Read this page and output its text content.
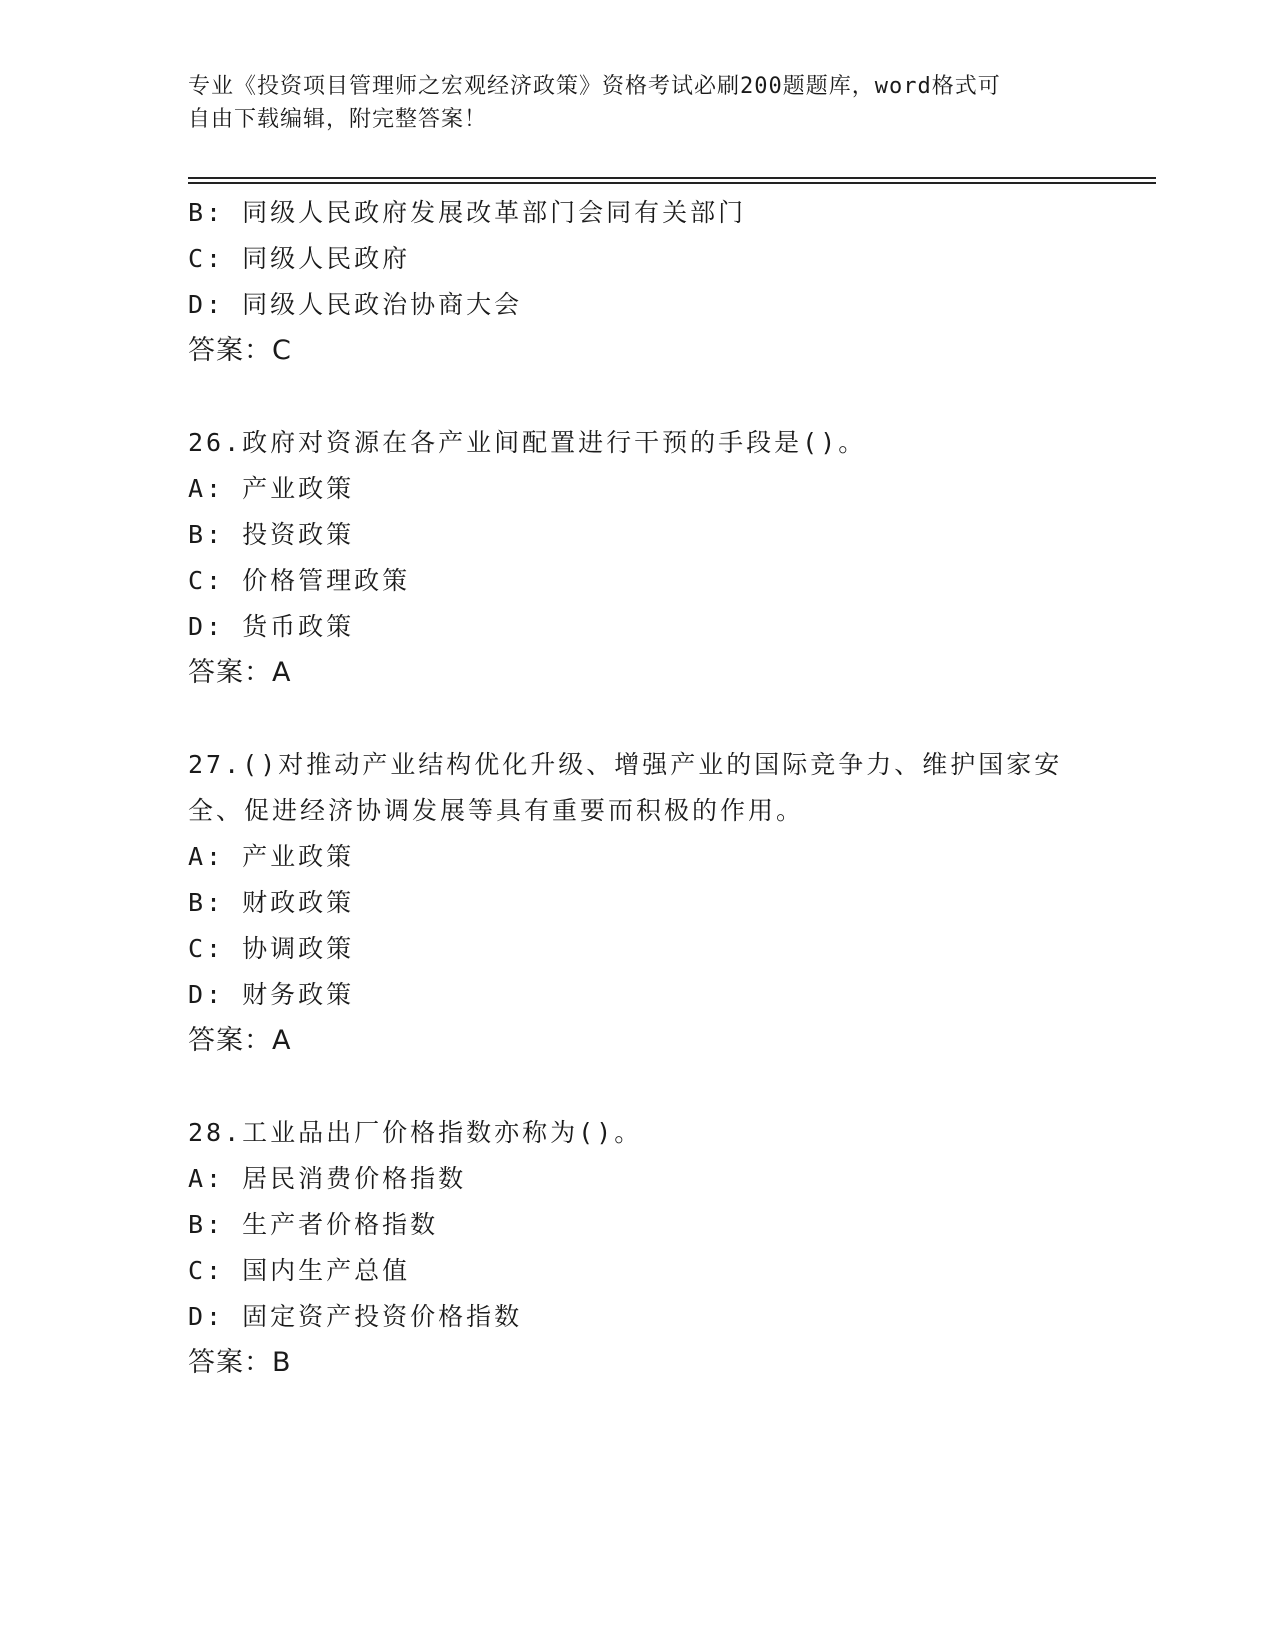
专业《投资项目管理师之宏观经济政策》资格考试必刷200题题库，word格式可
自由下载编辑，附完整答案！
B: 同级人民政府发展改革部门会同有关部门
C: 同级人民政府
D: 同级人民政治协商大会
答案：C
26.政府对资源在各产业间配置进行干预的手段是()。
A: 产业政策
B: 投资政策
C: 价格管理政策
D: 货币政策
答案：A
27.()对推动产业结构优化升级、增强产业的国际竞争力、维护国家安
全、促进经济协调发展等具有重要而积极的作用。
A: 产业政策
B: 财政政策
C: 协调政策
D: 财务政策
答案：A
28.工业品出厂价格指数亦称为()。
A: 居民消费价格指数
B: 生产者价格指数
C: 国内生产总值
D: 固定资产投资价格指数
答案：B
